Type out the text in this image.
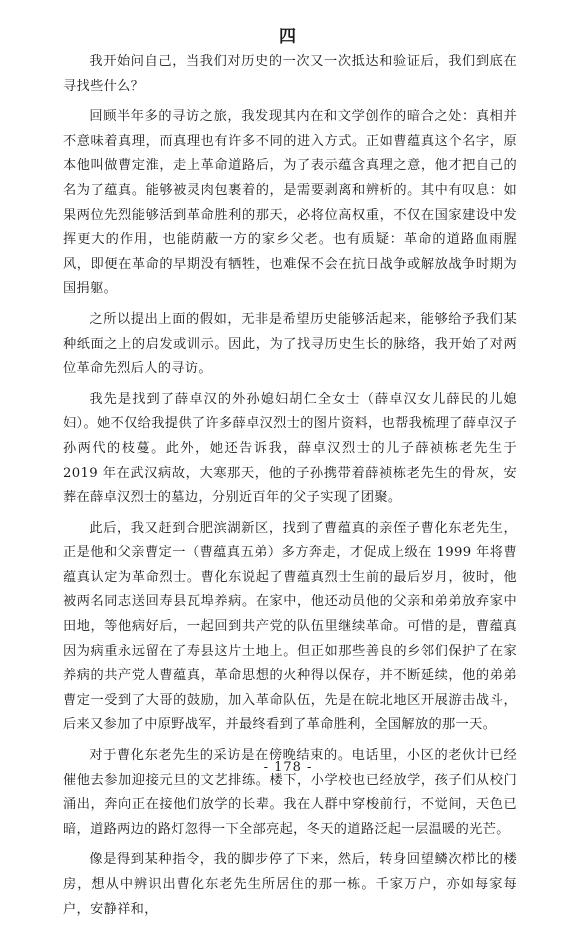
四

我开始问自己，当我们对历史的一次又一次抵达和验证后，我们到底在寻找些什么？

回顾半年多的寻访之旅，我发现其内在和文学创作的暗合之处：真相并不意味着真理，而真理也有许多不同的进入方式。正如曹蕴真这个名字，原本他叫做曹定淮，走上革命道路后，为了表示蕴含真理之意，他才把自己的名为了蕴真。能够被灵肉包裹着的，是需要剥离和辨析的。其中有叹息：如果两位先烈能够活到革命胜利的那天，必将位高权重，不仅在国家建设中发挥更大的作用，也能荫蔽一方的家乡父老。也有质疑：革命的道路血雨腥风，即便在革命的早期没有牺牲，也难保不会在抗日战争或解放战争时期为国捐躯。

之所以提出上面的假如，无非是希望历史能够活起来，能够给予我们某种纸面之上的启发或训示。因此，为了找寻历史生长的脉络，我开始了对两位革命先烈后人的寻访。

我先是找到了薛卓汉的外孙媳妇胡仁全女士（薛卓汉女儿薛民的儿媳妇）。她不仅给我提供了许多薛卓汉烈士的图片资料，也帮我梳理了薛卓汉子孙两代的枝蔓。此外，她还告诉我，薛卓汉烈士的儿子薛祯栋老先生于 2019 年在武汉病故，大寒那天，他的子孙携带着薛祯栋老先生的骨灰，安葬在薛卓汉烈士的墓边，分别近百年的父子实现了团聚。

此后，我又赶到合肥滨湖新区，找到了曹蕴真的亲侄子曹化东老先生，正是他和父亲曹定一（曹蕴真五弟）多方奔走，才促成上级在 1999 年将曹蕴真认定为革命烈士。曹化东说起了曹蕴真烈士生前的最后岁月，彼时，他被两名同志送回寿县瓦埠养病。在家中，他还动员他的父亲和弟弟放弃家中田地，等他病好后，一起回到共产党的队伍里继续革命。可惜的是，曹蕴真因为病重永远留在了寿县这片土地上。但正如那些善良的乡邻们保护了在家养病的共产党人曹蕴真，革命思想的火种得以保存，并不断延续，他的弟弟曹定一受到了大哥的鼓励，加入革命队伍，先是在皖北地区开展游击战斗，后来又参加了中原野战军，并最终看到了革命胜利，全国解放的那一天。

对于曹化东老先生的采访是在傍晚结束的。电话里，小区的老伙计已经催他去参加迎接元旦的文艺排练。楼下，小学校也已经放学，孩子们从校门涌出，奔向正在接他们放学的长辈。我在人群中穿梭前行，不觉间，天色已暗，道路两边的路灯忽得一下全部亮起，冬天的道路泛起一层温暖的光芒。

像是得到某种指令，我的脚步停了下来，然后，转身回望鳞次栉比的楼房，想从中辨识出曹化东老先生所居住的那一栋。千家万户，亦如每家每户，安静祥和，

- 178 -
